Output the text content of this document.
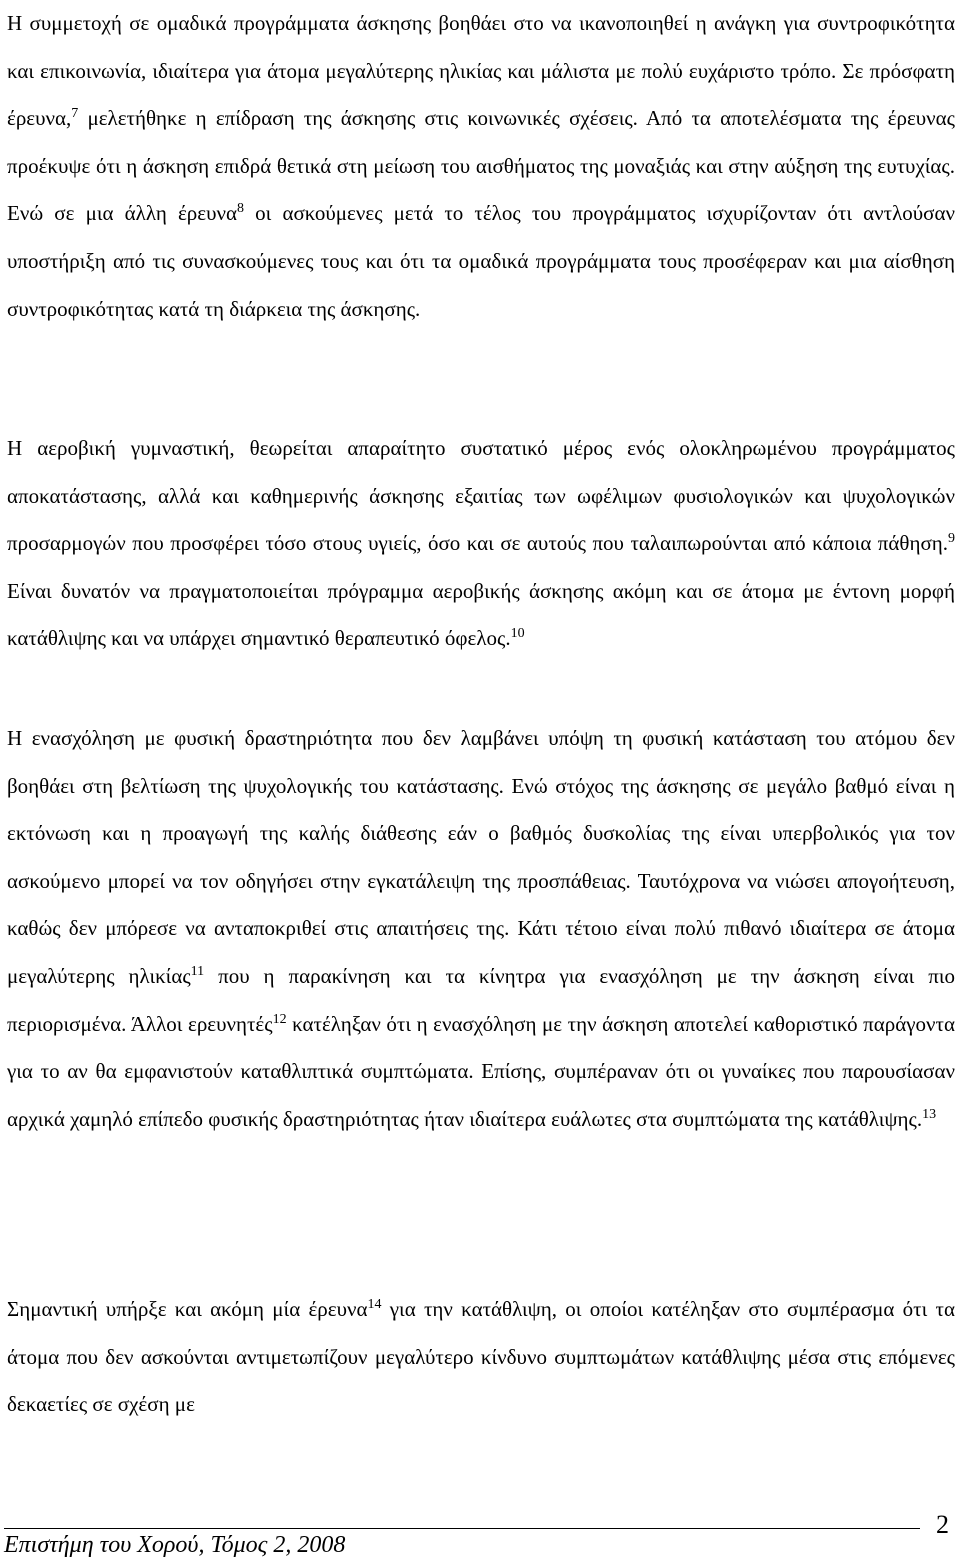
Η συμμετοχή σε ομαδικά προγράμματα άσκησης βοηθάει στο να ικανοποιηθεί η ανάγκη για συντροφικότητα και επικοινωνία, ιδιαίτερα για άτομα μεγαλύτερης ηλικίας και μάλιστα με πολύ ευχάριστο τρόπο. Σε πρόσφατη έρευνα,$^7$ μελετήθηκε η επίδραση της άσκησης στις κοινωνικές σχέσεις. Από τα αποτελέσματα της έρευνας προέκυψε ότι η άσκηση επιδρά θετικά στη μείωση του αισθήματος της μοναξιάς και στην αύξηση της ευτυχίας. Ενώ σε μια άλλη έρευνα$^8$ οι ασκούμενες μετά το τέλος του προγράμματος ισχυρίζονταν ότι αντλούσαν υποστήριξη από τις συνασκούμενες τους και ότι τα ομαδικά προγράμματα τους προσέφεραν και μια αίσθηση συντροφικότητας κατά τη διάρκεια της άσκησης.

Η αεροβική γυμναστική, θεωρείται απαραίτητο συστατικό μέρος ενός ολοκληρωμένου προγράμματος αποκατάστασης, αλλά και καθημερινής άσκησης εξαιτίας των ωφέλιμων φυσιολογικών και ψυχολογικών προσαρμογών που προσφέρει τόσο στους υγιείς, όσο και σε αυτούς που ταλαιπωρούνται από κάποια πάθηση.$^9$ Είναι δυνατόν να πραγματοποιείται πρόγραμμα αεροβικής άσκησης ακόμη και σε άτομα με έντονη μορφή κατάθλιψης και να υπάρχει σημαντικό θεραπευτικό όφελος.$^{10}$

Η ενασχόληση με φυσική δραστηριότητα που δεν λαμβάνει υπόψη τη φυσική κατάσταση του ατόμου δεν βοηθάει στη βελτίωση της ψυχολογικής του κατάστασης. Ενώ στόχος της άσκησης σε μεγάλο βαθμό είναι η εκτόνωση και η προαγωγή της καλής διάθεσης εάν ο βαθμός δυσκολίας της είναι υπερβολικός για τον ασκούμενο μπορεί να τον οδηγήσει στην εγκατάλειψη της προσπάθειας. Ταυτόχρονα να νιώσει απογοήτευση, καθώς δεν μπόρεσε να ανταποκριθεί στις απαιτήσεις της. Κάτι τέτοιο είναι πολύ πιθανό ιδιαίτερα σε άτομα μεγαλύτερης ηλικίας$^{11}$ που η παρακίνηση και τα κίνητρα για ενασχόληση με την άσκηση είναι πιο περιορισμένα. Άλλοι ερευνητές$^{12}$ κατέληξαν ότι η ενασχόληση με την άσκηση αποτελεί καθοριστικό παράγοντα για το αν θα εμφανιστούν καταθλιπτικά συμπτώματα. Επίσης, συμπέραναν ότι οι γυναίκες που παρουσίασαν αρχικά χαμηλό επίπεδο φυσικής δραστηριότητας ήταν ιδιαίτερα ευάλωτες στα συμπτώματα της κατάθλιψης.$^{13}$

Σημαντική υπήρξε και ακόμη μία έρευνα$^{14}$ για την κατάθλιψη, οι οποίοι κατέληξαν στο συμπέρασμα ότι τα άτομα που δεν ασκούνται αντιμετωπίζουν μεγαλύτερο κίνδυνο συμπτωμάτων κατάθλιψης μέσα στις επόμενες δεκαετίες σε σχέση με

Επιστήμη του Χορού, Τόμος 2, 2008
2
